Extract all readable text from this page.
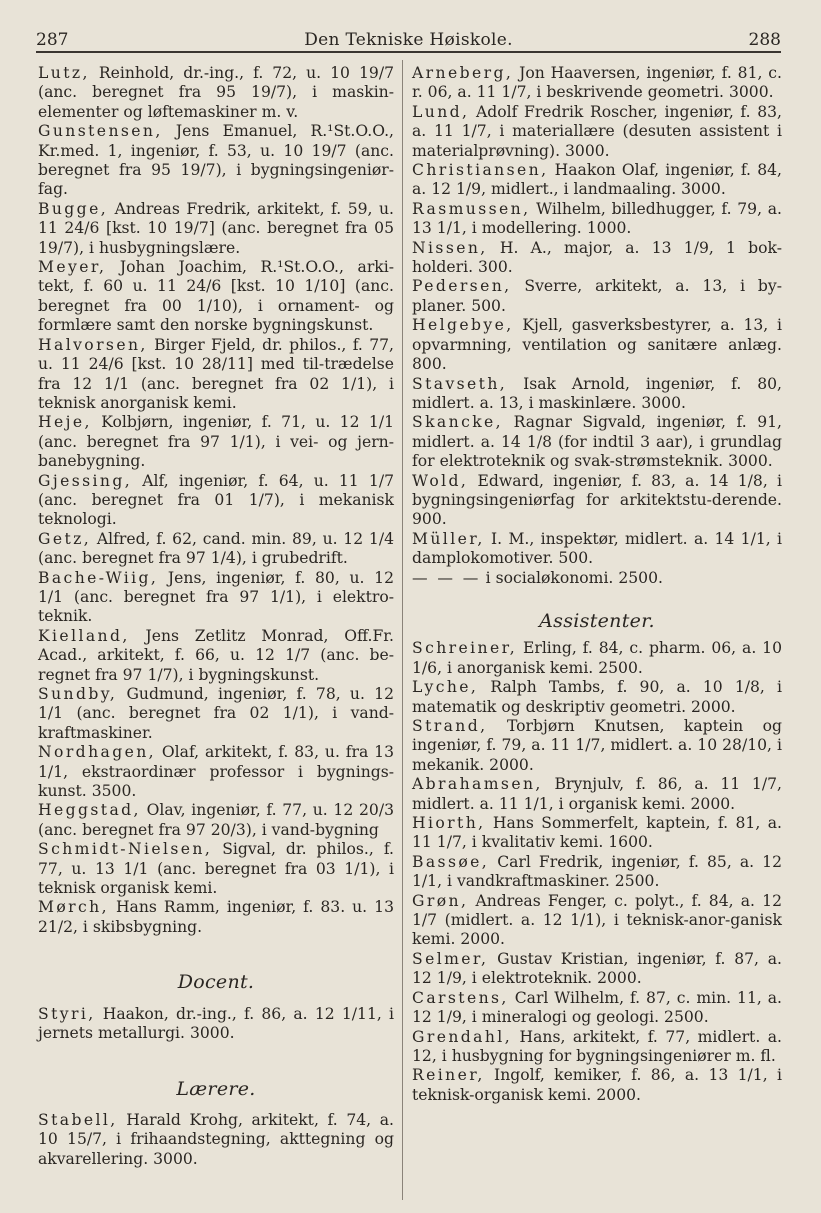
287	Den Tekniske Høiskole.	288
Lutz, Reinhold, dr.-ing., f. 72, u. 10 19/7 (anc. beregnet fra 95 19/7), i maskin-elementer og løftemaskiner m. v.
Gunstensen, Jens Emanuel, R.¹St.O.O., Kr.med. 1, ingeniør, f. 53, u. 10 19/7 (anc. beregnet fra 95 19/7), i bygningsingeniør-fag.
Bugge, Andreas Fredrik, arkitekt, f. 59, u. 11 24/6 [kst. 10 19/7] (anc. beregnet fra 05 19/7), i husbygningslære.
Meyer, Johan Joachim, R.¹St.O.O., arki-tekt, f. 60 u. 11 24/6 [kst. 10 1/10] (anc. beregnet fra 00 1/10), i ornament- og formlære samt den norske bygningskunst.
Halvorsen, Birger Fjeld, dr. philos., f. 77, u. 11 24/6 [kst. 10 28/11] med til-trædelse fra 12 1/1 (anc. beregnet fra 02 1/1), i teknisk anorganisk kemi.
Heje, Kolbjørn, ingeniør, f. 71, u. 12 1/1 (anc. beregnet fra 97 1/1), i vei- og jern-banebygning.
Gjessing, Alf, ingeniør, f. 64, u. 11 1/7 (anc. beregnet fra 01 1/7), i mekanisk teknologi.
Getz, Alfred, f. 62, cand. min. 89, u. 12 1/4 (anc. beregnet fra 97 1/4), i grubedrift.
Bache-Wiig, Jens, ingeniør, f. 80, u. 12 1/1 (anc. beregnet fra 97 1/1), i elektro-teknik.
Kielland, Jens Zetlitz Monrad, Off.Fr. Acad., arkitekt, f. 66, u. 12 1/7 (anc. be-regnet fra 97 1/7), i bygningskunst.
Sundby, Gudmund, ingeniør, f. 78, u. 12 1/1 (anc. beregnet fra 02 1/1), i vand-kraftmaskiner.
Nordhagen, Olaf, arkitekt, f. 83, u. fra 13 1/1, ekstraordinær professor i bygnings-kunst. 3500.
Heggstad, Olav, ingeniør, f. 77, u. 12 20/3 (anc. beregnet fra 97 20/3), i vand-bygning
Schmidt-Nielsen, Sigval, dr. philos., f. 77, u. 13 1/1 (anc. beregnet fra 03 1/1), i teknisk organisk kemi.
Mørch, Hans Ramm, ingeniør, f. 83. u. 13 21/2, i skibsbygning.
Docent.
Styri, Haakon, dr.-ing., f. 86, a. 12 1/11, i jernets metallurgi. 3000.
Lærere.
Stabell, Harald Krohg, arkitekt, f. 74, a. 10 15/7, i frihaandstegning, akttegning og akvarellering. 3000.
Arneberg, Jon Haaversen, ingeniør, f. 81, c. r. 06, a. 11 1/7, i beskrivende geometri. 3000.
Lund, Adolf Fredrik Roscher, ingeniør, f. 83, a. 11 1/7, i materiallære (desuten assistent i materialprøvning). 3000.
Christiansen, Haakon Olaf, ingeniør, f. 84, a. 12 1/9, midlert., i landmaaling. 3000.
Rasmussen, Wilhelm, billedhugger, f. 79, a. 13 1/1, i modellering. 1000.
Nissen, H. A., major, a. 13 1/9, 1 bok-holderi. 300.
Pedersen, Sverre, arkitekt, a. 13, i by-planer. 500.
Helgebye, Kjell, gasverksbestyrer, a. 13, i opvarmning, ventilation og sanitære anlæg. 800.
Stavseth, Isak Arnold, ingeniør, f. 80, midlert. a. 13, i maskinlære. 3000.
Skancke, Ragnar Sigvald, ingeniør, f. 91, midlert. a. 14 1/8 (for indtil 3 aar), i grundlag for elektroteknik og svak-strømsteknik. 3000.
Wold, Edward, ingeniør, f. 83, a. 14 1/8, i bygningsingeniørfag for arkitektstu-derende. 900.
Müller, I. M., inspektør, midlert. a. 14 1/1, i damplokomotiver. 500.
— — — i socialøkonomi. 2500.
Assistenter.
Schreiner, Erling, f. 84, c. pharm. 06, a. 10 1/6, i anorganisk kemi. 2500.
Lyche, Ralph Tambs, f. 90, a. 10 1/8, i matematik og deskriptiv geometri. 2000.
Strand, Torbjørn Knutsen, kaptein og ingeniør, f. 79, a. 11 1/7, midlert. a. 10 28/10, i mekanik. 2000.
Abrahamsen, Brynjulv, f. 86, a. 11 1/7, midlert. a. 11 1/1, i organisk kemi. 2000.
Hiorth, Hans Sommerfelt, kaptein, f. 81, a. 11 1/7, i kvalitativ kemi. 1600.
Bassøe, Carl Fredrik, ingeniør, f. 85, a. 12 1/1, i vandkraftmaskiner. 2500.
Grøn, Andreas Fenger, c. polyt., f. 84, a. 12 1/7 (midlert. a. 12 1/1), i teknisk-anor-ganisk kemi. 2000.
Selmer, Gustav Kristian, ingeniør, f. 87, a. 12 1/9, i elektroteknik. 2000.
Carstens, Carl Wilhelm, f. 87, c. min. 11, a. 12 1/9, i mineralogi og geologi. 2500.
Grendahl, Hans, arkitekt, f. 77, midlert. a. 12, i husbygning for bygningsingeniører m. fl.
Reiner, Ingolf, kemiker, f. 86, a. 13 1/1, i teknisk-organisk kemi. 2000.
